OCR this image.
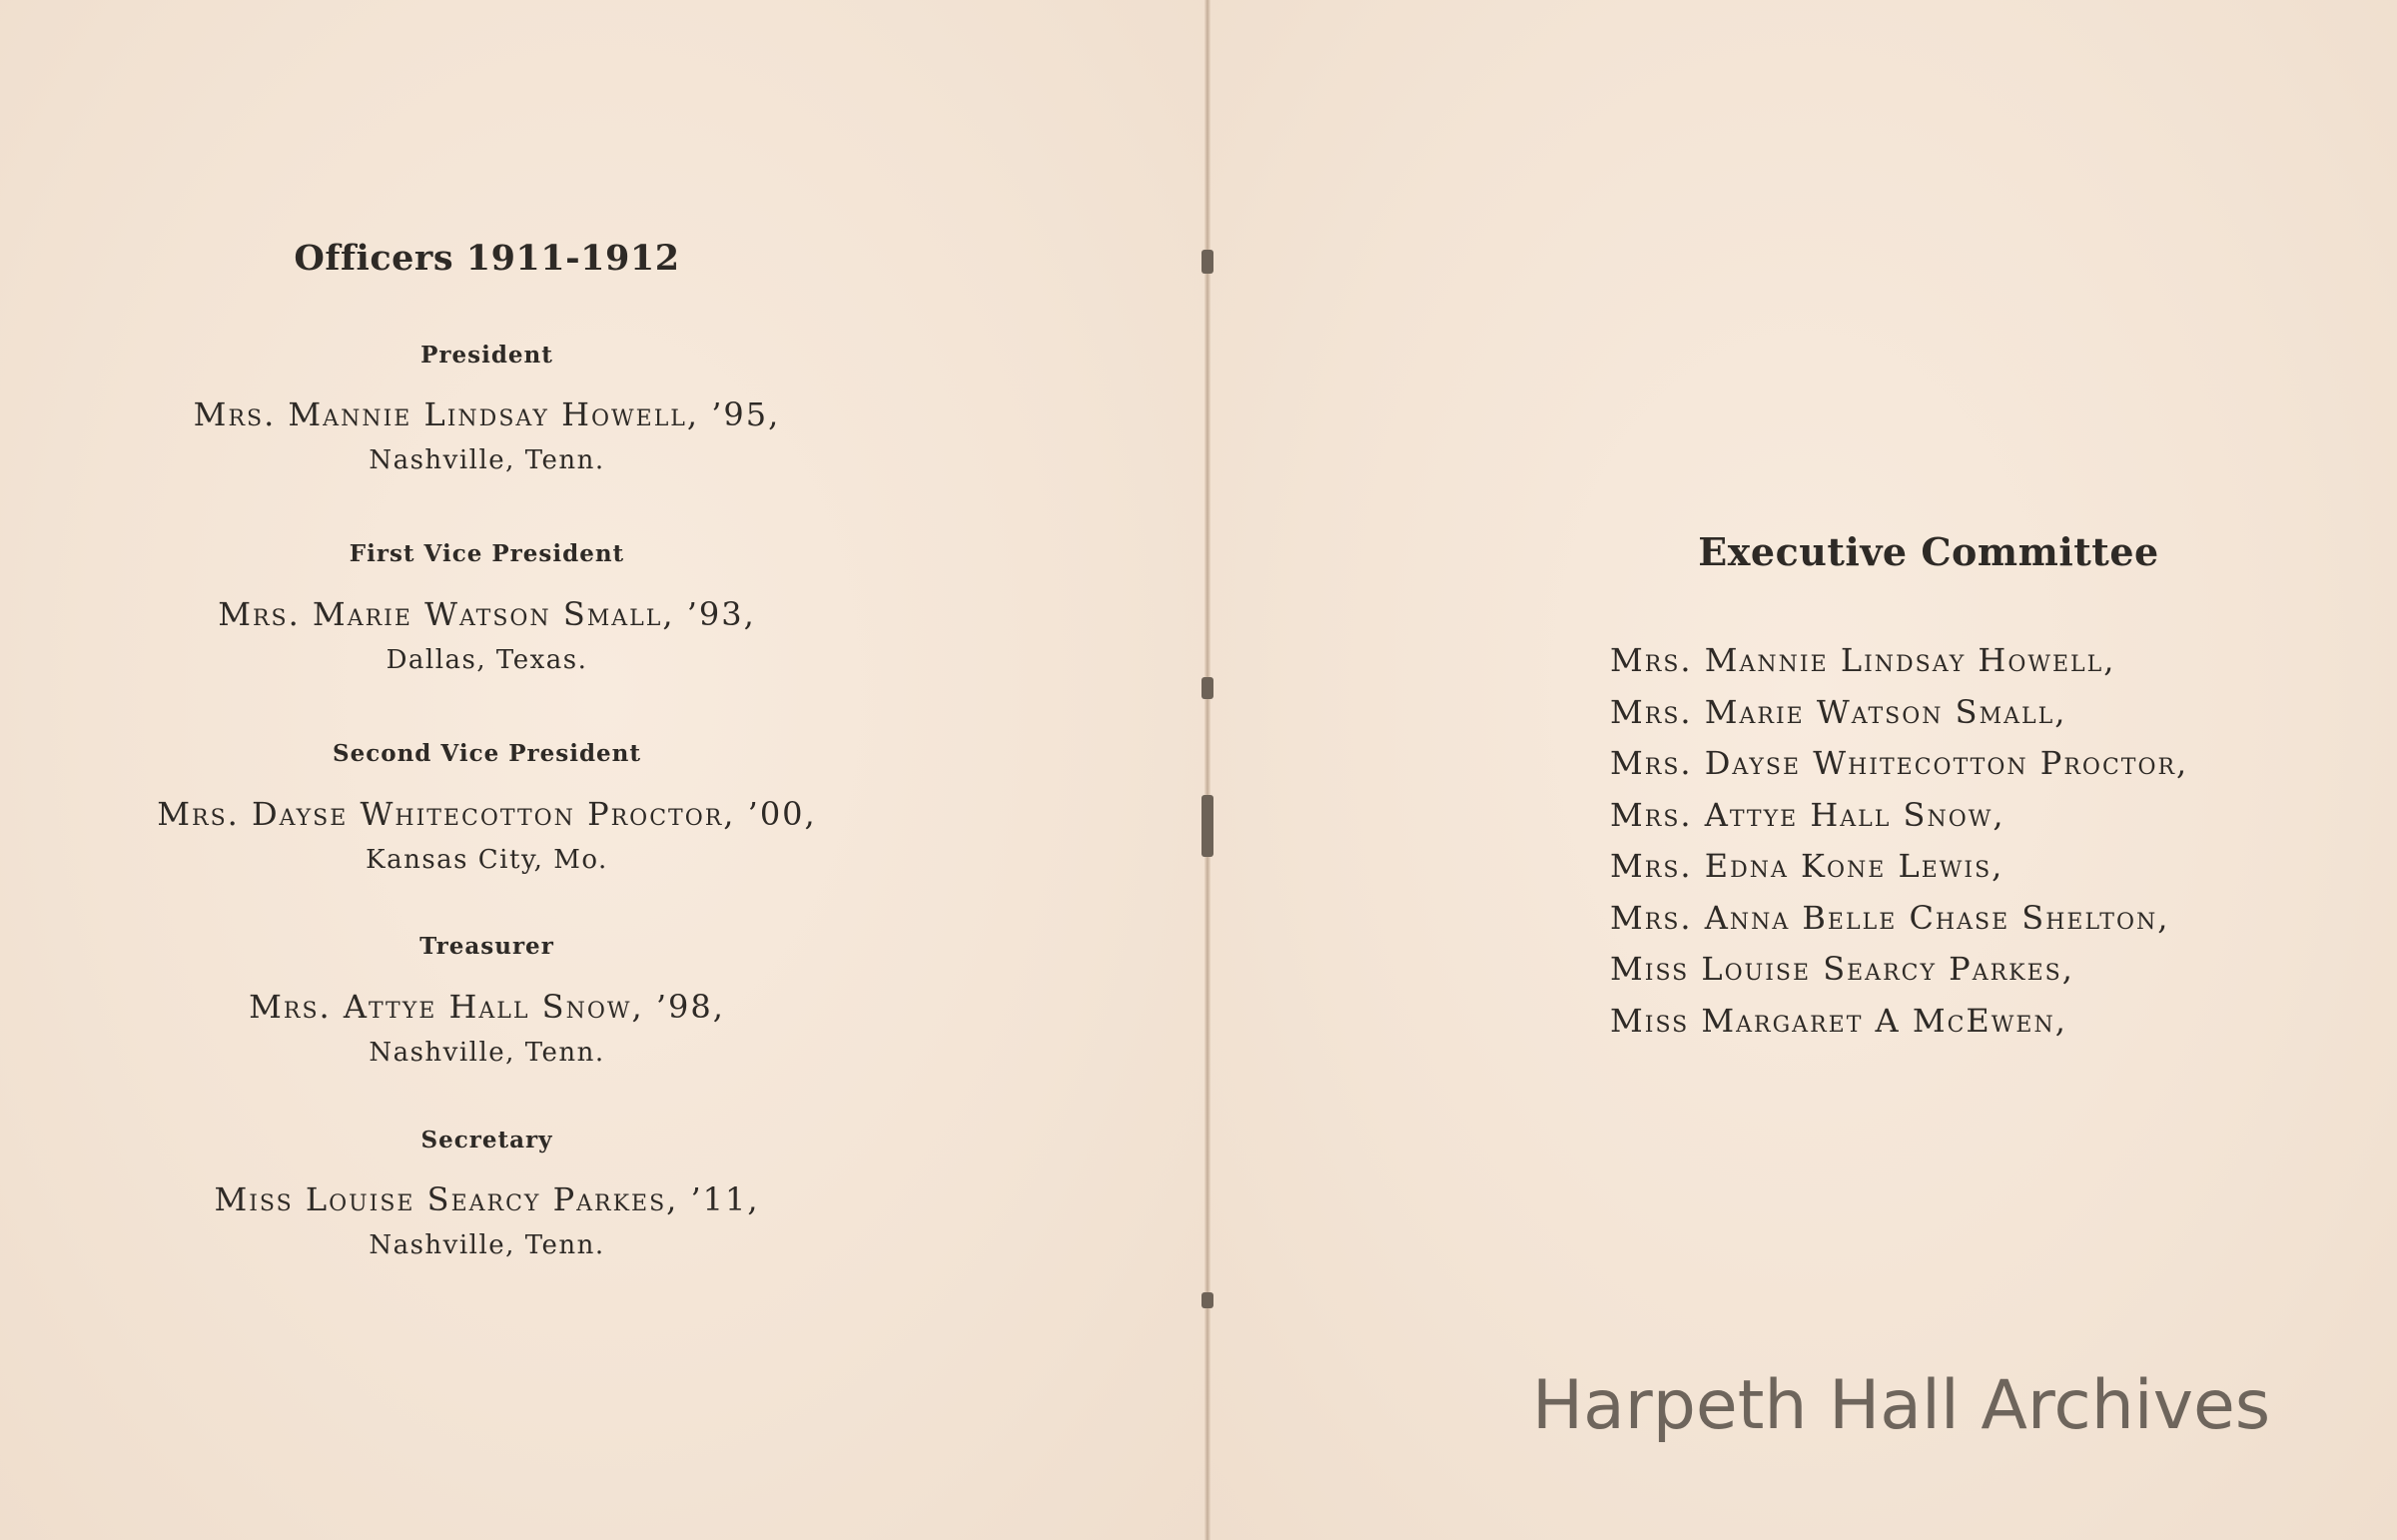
Officers 1911-1912
President
Mrs. Mannie Lindsay Howell, ’95,
Nashville, Tenn.
First Vice President
Mrs. Marie Watson Small, ’93,
Dallas, Texas.
Second Vice President
Mrs. Dayse Whitecotton Proctor, ’00,
Kansas City, Mo.
Treasurer
Mrs. Attye Hall Snow, ’98,
Nashville, Tenn.
Secretary
Miss Louise Searcy Parkes, ’11,
Nashville, Tenn.
Executive Committee
Mrs. Mannie Lindsay Howell,
Mrs. Marie Watson Small,
Mrs. Dayse Whitecotton Proctor,
Mrs. Attye Hall Snow,
Mrs. Edna Kone Lewis,
Mrs. Anna Belle Chase Shelton,
Miss Louise Searcy Parkes,
Miss Margaret A McEwen,
Harpeth Hall Archives
